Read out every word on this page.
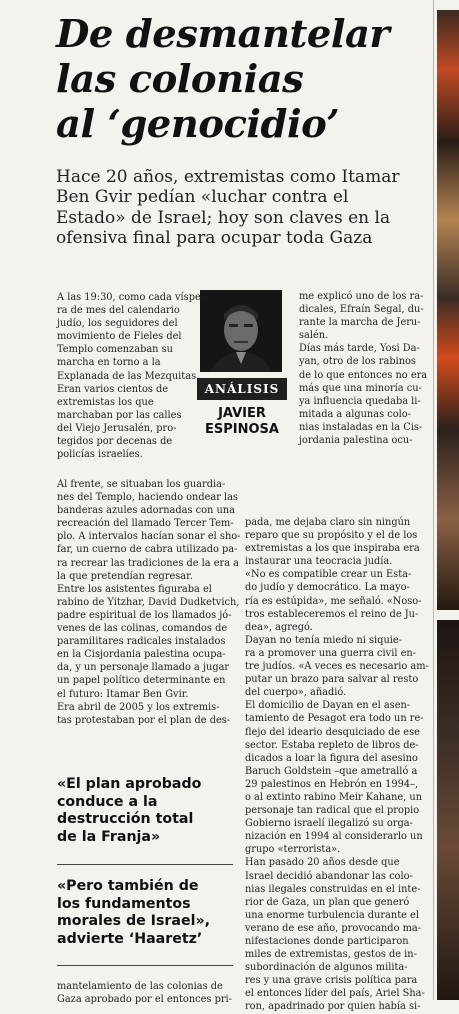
De desmantelar
las colonias
al ‘genocidio’
Hace 20 años, extremistas como Itamar
Ben Gvir pedían «luchar contra el
Estado» de Israel; hoy son claves en la
ofensiva final para ocupar toda Gaza
ANÁLISIS
JAVIER
ESPINOSA
A las 19:30, como cada víspe-
ra de mes del calendario
judío, los seguidores del
movimiento de Fieles del
Templo comenzaban su
marcha en torno a la
Explanada de las Mezquitas.
Eran varios cientos de
extremistas los que
marchaban por las calles
del Viejo Jerusalén, pro-
tegidos por decenas de
policías israelíes.
Al frente, se situaban los guardia-
nes del Templo, haciendo ondear las
banderas azules adornadas con una
recreación del llamado Tercer Tem-
plo. A intervalos hacían sonar el sho-
far, un cuerno de cabra utilizado pa-
ra recrear las tradiciones de la era a
la que pretendían regresar.
Entre los asistentes figuraba el
rabino de Yitzhar, David Dudketvich,
padre espiritual de los llamados jó-
venes de las colinas, comandos de
paramilitares radicales instalados
en la Cisjordania palestina ocupa-
da, y un personaje llamado a jugar
un papel político determinante en
el futuro: Itamar Ben Gvir.
Era abril de 2005 y los extremis-
tas protestaban por el plan de des-
me explicó uno de los ra-
dicales, Efraín Segal, du-
rante la marcha de Jeru-
salén.
Días más tarde, Yosi Da-
yan, otro de los rabinos
de lo que entonces no era
más que una minoría cu-
ya influencia quedaba li-
mitada a algunas colo-
nias instaladas en la Cis-
jordania palestina ocu-
pada, me dejaba claro sin ningún
reparo que su propósito y el de los
extremistas a los que inspiraba era
instaurar una teocracia judía.
«No es compatible crear un Esta-
do judío y democrático. La mayo-
ría es estúpida», me señaló. «Noso-
tros estableceremos el reino de Ju-
dea», agregó.
Dayan no tenía miedo ni siquie-
ra a promover una guerra civil en-
tre judíos. «A veces es necesario am-
putar un brazo para salvar al resto
del cuerpo», añadió.
El domicilio de Dayan en el asen-
tamiento de Pesagot era todo un re-
flejo del ideario desquiciado de ese
sector. Estaba repleto de libros de-
dicados a loar la figura del asesino
Baruch Goldstein –que ametralló a
29 palestinos en Hebrón en 1994–,
o al extinto rabino Meir Kahane, un
personaje tan radical que el propio
Gobierno israelí ilegalizó su orga-
nización en 1994 al considerarlo un
grupo «terrorista».
Han pasado 20 años desde que
Israel decidió abandonar las colo-
nias ilegales construidas en el inte-
rior de Gaza, un plan que generó
una enorme turbulencia durante el
verano de ese año, provocando ma-
nifestaciones donde participaron
miles de extremistas, gestos de in-
subordinación de algunos milita-
res y una grave crisis política para
el entonces líder del país, Ariel Sha-
ron, apadrinado por quien había si-
«El plan aprobado
conduce a la
destrucción total
de la Franja»
«Pero también de
los fundamentos
morales de Israel»,
advierte ‘Haaretz’
mantelamiento de las colonias de
Gaza aprobado por el entonces pri-
